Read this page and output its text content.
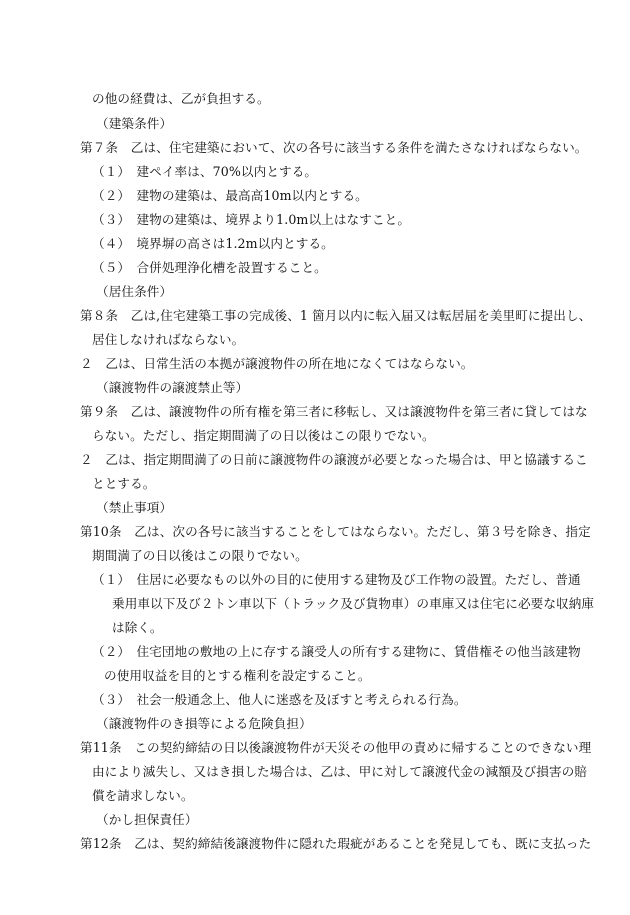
の他の経費は、乙が負担する。
（建築条件）
第７条　乙は、住宅建築において、次の各号に該当する条件を満たさなければならない。
（１）　建ペイ率は、70%以内とする。
（２）　建物の建築は、最高高10m以内とする。
（３）　建物の建築は、境界より1.0m以上はなすこと。
（４）　境界塀の高さは1.2m以内とする。
（５）　合併処理浄化槽を設置すること。
（居住条件）
第８条　乙は,住宅建築工事の完成後、1 箇月以内に転入届又は転居届を美里町に提出し、
居住しなければならない。
２　乙は、日常生活の本拠が譲渡物件の所在地になくてはならない。
（譲渡物件の譲渡禁止等）
第９条　乙は、譲渡物件の所有権を第三者に移転し、又は譲渡物件を第三者に貸してはな
らない。ただし、指定期間満了の日以後はこの限りでない。
２　乙は、指定期間満了の日前に譲渡物件の譲渡が必要となった場合は、甲と協議するこ
ととする。
（禁止事項）
第10条　乙は、次の各号に該当することをしてはならない。ただし、第３号を除き、指定
期間満了の日以後はこの限りでない。
（１）　住居に必要なもの以外の目的に使用する建物及び工作物の設置。ただし、普通
乗用車以下及び２トン車以下（トラック及び貨物車）の車庫又は住宅に必要な収納庫
は除く。
（２）　住宅団地の敷地の上に存する譲受人の所有する建物に、賃借権その他当該建物
の使用収益を目的とする権利を設定すること。
（３）　社会一般通念上、他人に迷惑を及ぼすと考えられる行為。
（譲渡物件のき損等による危険負担）
第11条　この契約締結の日以後譲渡物件が天災その他甲の責めに帰することのできない理
由により滅失し、又はき損した場合は、乙は、甲に対して譲渡代金の減額及び損害の賠
償を請求しない。
（かし担保責任）
第12条　乙は、契約締結後譲渡物件に隠れた瑕疵があることを発見しても、既に支払った
